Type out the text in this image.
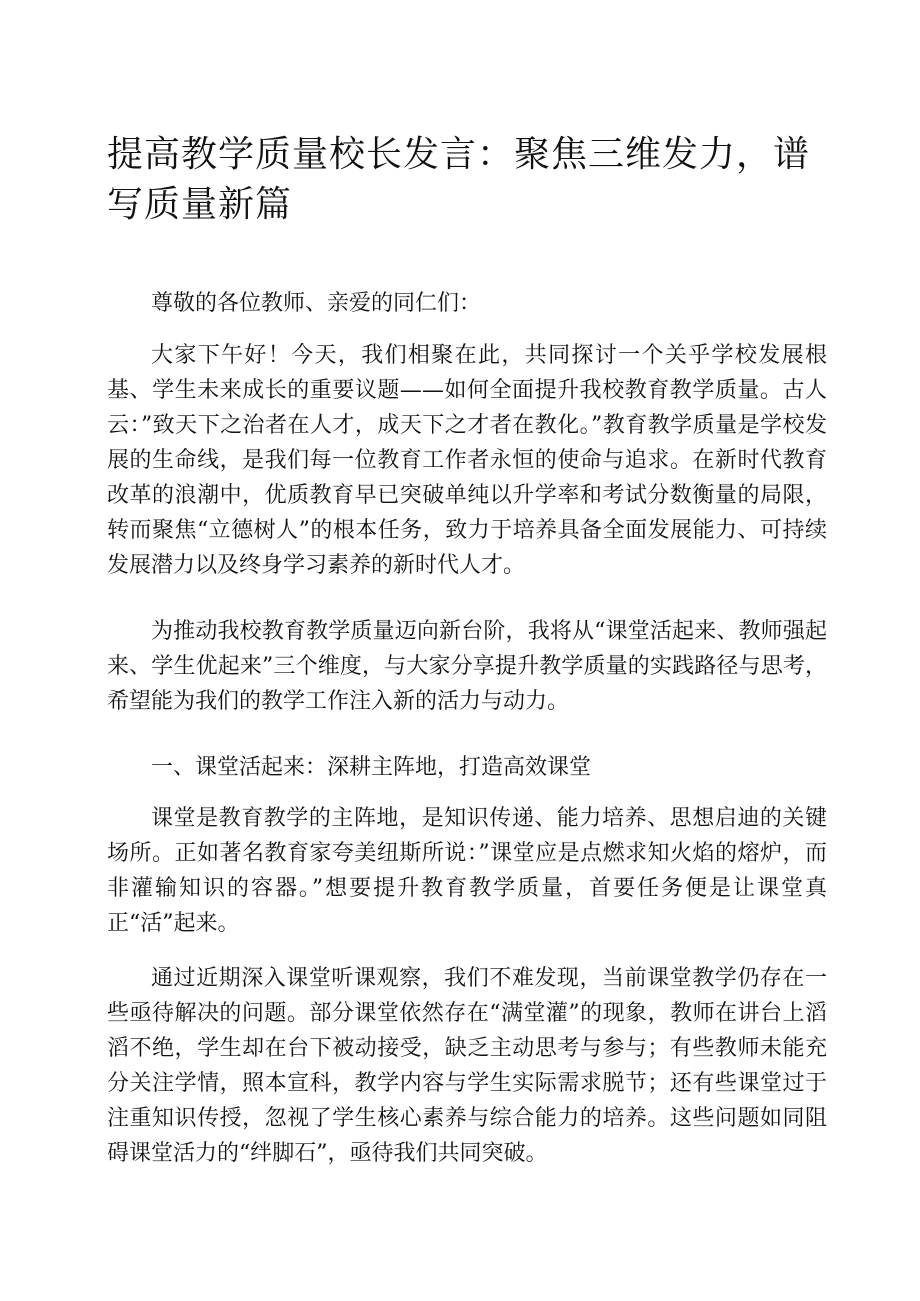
提高教学质量校长发言：聚焦三维发力，谱写质量新篇

尊敬的各位教师、亲爱的同仁们：

大家下午好！今天，我们相聚在此，共同探讨一个关乎学校发展根基、学生未来成长的重要议题——如何全面提升我校教育教学质量。古人云：”致天下之治者在人才，成天下之才者在教化。”教育教学质量是学校发展的生命线，是我们每一位教育工作者永恒的使命与追求。在新时代教育改革的浪潮中，优质教育早已突破单纯以升学率和考试分数衡量的局限，转而聚焦“立德树人”的根本任务，致力于培养具备全面发展能力、可持续发展潜力以及终身学习素养的新时代人才。

为推动我校教育教学质量迈向新台阶，我将从“课堂活起来、教师强起来、学生优起来”三个维度，与大家分享提升教学质量的实践路径与思考，希望能为我们的教学工作注入新的活力与动力。

一、课堂活起来：深耕主阵地，打造高效课堂

课堂是教育教学的主阵地，是知识传递、能力培养、思想启迪的关键场所。正如著名教育家夸美纽斯所说：”课堂应是点燃求知火焰的熔炉，而非灌输知识的容器。”想要提升教育教学质量，首要任务便是让课堂真正“活”起来。

通过近期深入课堂听课观察，我们不难发现，当前课堂教学仍存在一些亟待解决的问题。部分课堂依然存在“满堂灌”的现象，教师在讲台上滔滔不绝，学生却在台下被动接受，缺乏主动思考与参与；有些教师未能充分关注学情，照本宣科，教学内容与学生实际需求脱节；还有些课堂过于注重知识传授，忽视了学生核心素养与综合能力的培养。这些问题如同阻碍课堂活力的“绊脚石”，亟待我们共同突破。
